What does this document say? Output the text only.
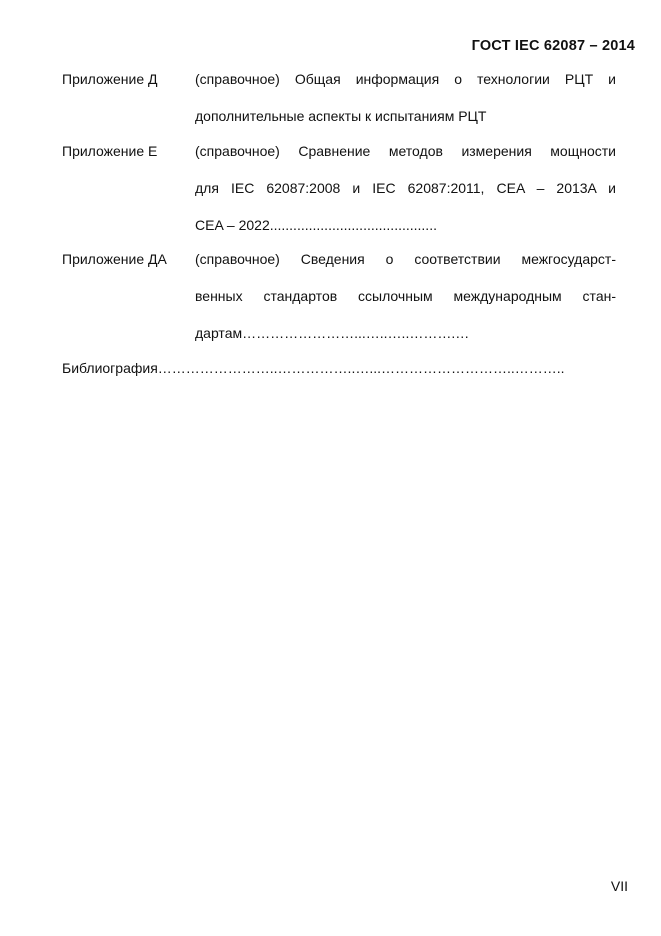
ГОСТ IEC 62087 – 2014
Приложение Д	(справочное) Общая информация о технологии РЦТ и
дополнительные аспекты к испытаниям РЦТ
Приложение Е	(справочное) Сравнение методов измерения мощности
для IEC 62087:2008 и IEC 62087:2011, CEA – 2013A и
CEA – 2022...........................................
Приложение ДА (справочное) Сведения о соответствии межгосударст-
венных стандартов ссылочным международным стан-
дартам……………………...…..…..……….…
Библиография……………………..……………..…...………………………..………..
VII
